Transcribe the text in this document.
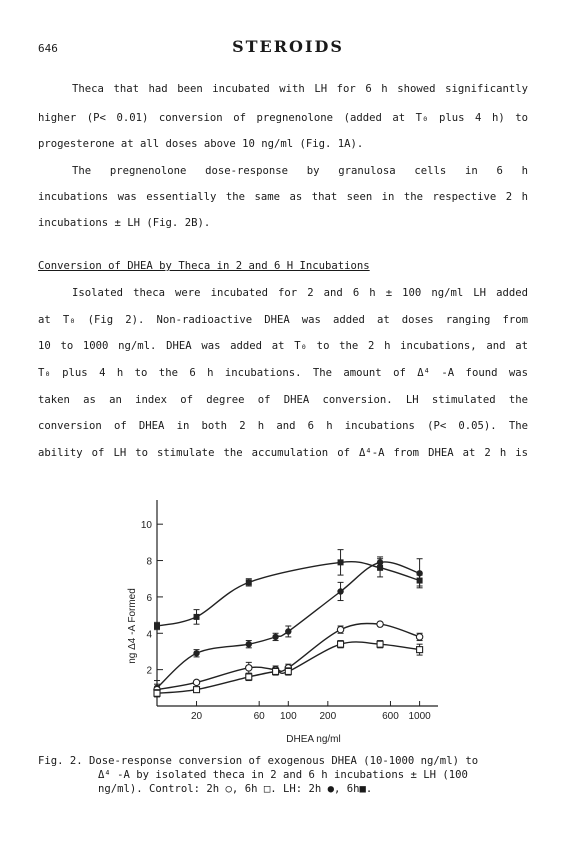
646	STEROIDS
Theca that had been incubated with LH for 6 h showed significantly
higher (P< 0.01) conversion of pregnenolone (added at T₀ plus 4 h) to
progesterone at all doses above 10 ng/ml (Fig. 1A).
The pregnenolone dose-response by granulosa cells in 6 h
incubations was essentially the same as that seen in the respective 2 h
incubations ± LH (Fig. 2B).
Conversion of DHEA by Theca in 2 and 6 H Incubations
Isolated theca were incubated for 2 and 6 h ± 100 ng/ml LH added
at T₀ (Fig 2). Non-radioactive DHEA was added at doses ranging from
10 to 1000 ng/ml. DHEA was added at T₀ to the 2 h incubations, and at
T₀ plus 4 h to the 6 h incubations. The amount of Δ⁴ -A found was
taken as an index of degree of DHEA conversion. LH stimulated the
conversion of DHEA in both 2 h and 6 h incubations (P< 0.05). The
ability of LH to stimulate the accumulation of Δ⁴-A from DHEA at 2 h is
2
4
6
8
10
20	60 100 200	600 1000
DHEA ng/ml
ng Δ4 -A Formed
Fig. 2. Dose-response conversion of exogenous DHEA (10-1000 ng/ml) to
Δ⁴ -A by isolated theca in 2 and 6 h incubations ± LH (100
ng/ml). Control: 2h ○, 6h □. LH: 2h ●, 6h■.
